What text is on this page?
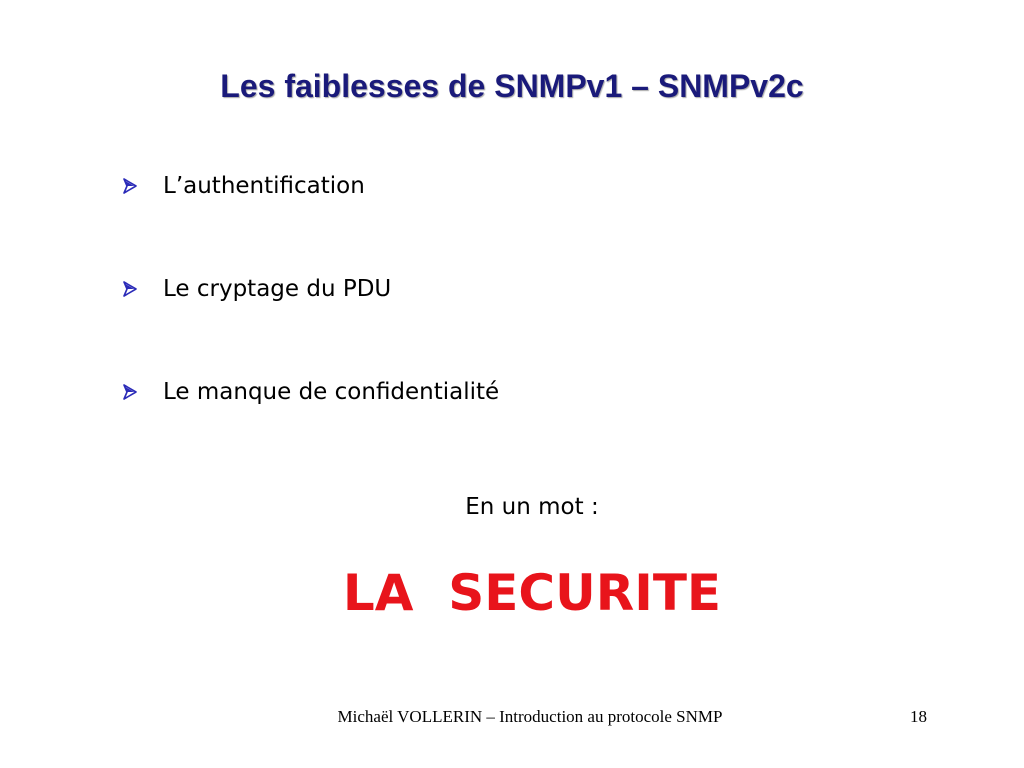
Les faiblesses de SNMPv1 – SNMPv2c
L’authentification
Le cryptage du PDU
Le manque de confidentialité
En un mot :
LA  SECURITE
Michaël VOLLERIN – Introduction au protocole SNMP	18
